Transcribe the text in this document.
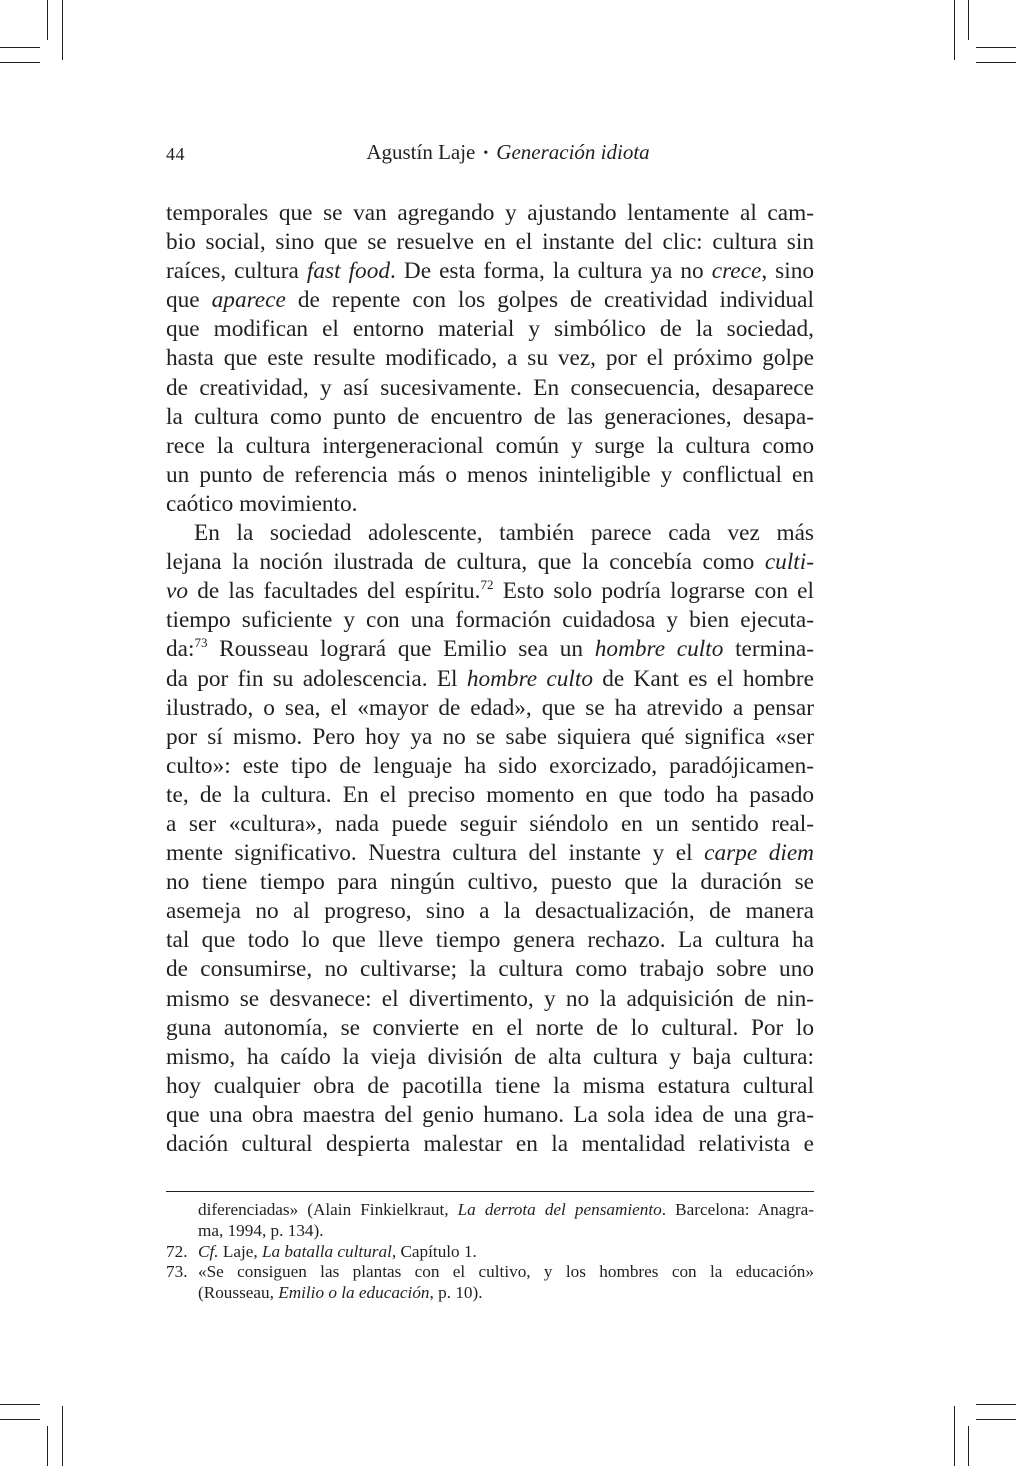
44	Agustín Laje • Generación idiota
temporales que se van agregando y ajustando lentamente al cam-
bio social, sino que se resuelve en el instante del clic: cultura sin
raíces, cultura fast food. De esta forma, la cultura ya no crece, sino
que aparece de repente con los golpes de creatividad individual
que modifican el entorno material y simbólico de la sociedad,
hasta que este resulte modificado, a su vez, por el próximo golpe
de creatividad, y así sucesivamente. En consecuencia, desaparece
la cultura como punto de encuentro de las generaciones, desapa-
rece la cultura intergeneracional común y surge la cultura como
un punto de referencia más o menos ininteligible y conflictual en
caótico movimiento.
En la sociedad adolescente, también parece cada vez más
lejana la noción ilustrada de cultura, que la concebía como culti-
vo de las facultades del espíritu.$^{72}$ Esto solo podría lograrse con el
tiempo suficiente y con una formación cuidadosa y bien ejecuta-
da:$^{73}$ Rousseau logrará que Emilio sea un hombre culto termina-
da por fin su adolescencia. El hombre culto de Kant es el hombre
ilustrado, o sea, el «mayor de edad», que se ha atrevido a pensar
por sí mismo. Pero hoy ya no se sabe siquiera qué significa «ser
culto»: este tipo de lenguaje ha sido exorcizado, paradójicamen-
te, de la cultura. En el preciso momento en que todo ha pasado
a ser «cultura», nada puede seguir siéndolo en un sentido real-
mente significativo. Nuestra cultura del instante y el carpe diem
no tiene tiempo para ningún cultivo, puesto que la duración se
asemeja no al progreso, sino a la desactualización, de manera
tal que todo lo que lleve tiempo genera rechazo. La cultura ha
de consumirse, no cultivarse; la cultura como trabajo sobre uno
mismo se desvanece: el divertimento, y no la adquisición de nin-
guna autonomía, se convierte en el norte de lo cultural. Por lo
mismo, ha caído la vieja división de alta cultura y baja cultura:
hoy cualquier obra de pacotilla tiene la misma estatura cultural
que una obra maestra del genio humano. La sola idea de una gra-
dación cultural despierta malestar en la mentalidad relativista e
diferenciadas» (Alain Finkielkraut, La derrota del pensamiento. Barcelona: Anagra-
ma, 1994, p. 134).
72. Cf. Laje, La batalla cultural, Capítulo 1.
73. «Se consiguen las plantas con el cultivo, y los hombres con la educación»
(Rousseau, Emilio o la educación, p. 10).
